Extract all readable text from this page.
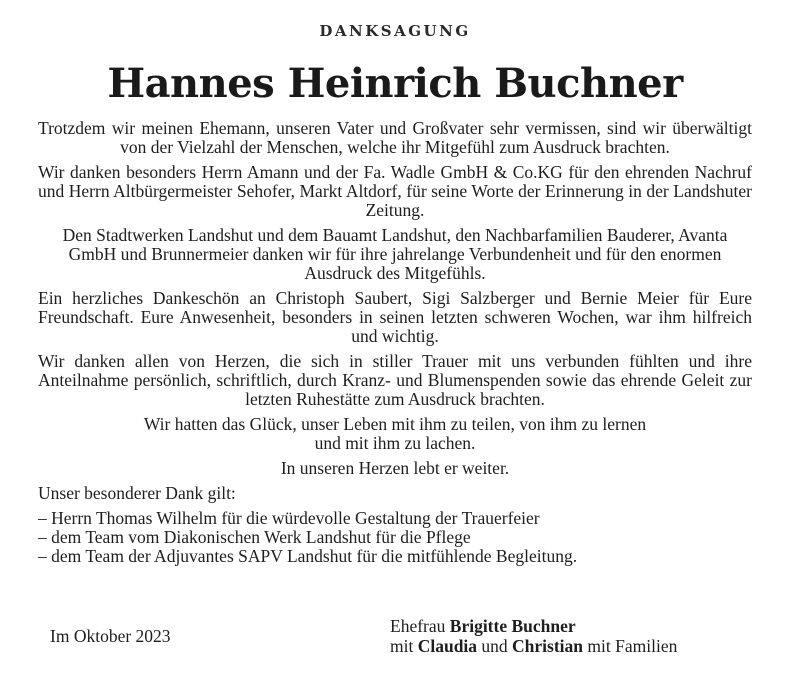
DANKSAGUNG
Hannes Heinrich Buchner

Trotzdem wir meinen Ehemann, unseren Vater und Großvater sehr vermissen, sind wir überwältigt von der Vielzahl der Menschen, welche ihr Mitgefühl zum Ausdruck brachten.

Wir danken besonders Herrn Amann und der Fa. Wadle GmbH & Co.KG für den ehrenden Nachruf und Herrn Altbürgermeister Sehofer, Markt Altdorf, für seine Worte der Erinnerung in der Landshuter Zeitung.

Den Stadtwerken Landshut und dem Bauamt Landshut, den Nachbarfamilien Bauderer, Avanta GmbH und Brunnermeier danken wir für ihre jahrelange Verbundenheit und für den enormen Ausdruck des Mitgefühls.

Ein herzliches Dankeschön an Christoph Saubert, Sigi Salzberger und Bernie Meier für Eure Freundschaft. Eure Anwesenheit, besonders in seinen letzten schweren Wochen, war ihm hilfreich und wichtig.

Wir danken allen von Herzen, die sich in stiller Trauer mit uns verbunden fühlten und ihre Anteilnahme persönlich, schriftlich, durch Kranz- und Blumenspenden sowie das ehrende Geleit zur letzten Ruhestätte zum Ausdruck brachten.

Wir hatten das Glück, unser Leben mit ihm zu teilen, von ihm zu lernen
und mit ihm zu lachen.

In unseren Herzen lebt er weiter.

Unser besonderer Dank gilt:

– Herrn Thomas Wilhelm für die würdevolle Gestaltung der Trauerfeier
– dem Team vom Diakonischen Werk Landshut für die Pflege
– dem Team der Adjuvantes SAPV Landshut für die mitfühlende Begleitung.
Im Oktober 2023	Ehefrau Brigitte Buchner
mit Claudia und Christian mit Familien
